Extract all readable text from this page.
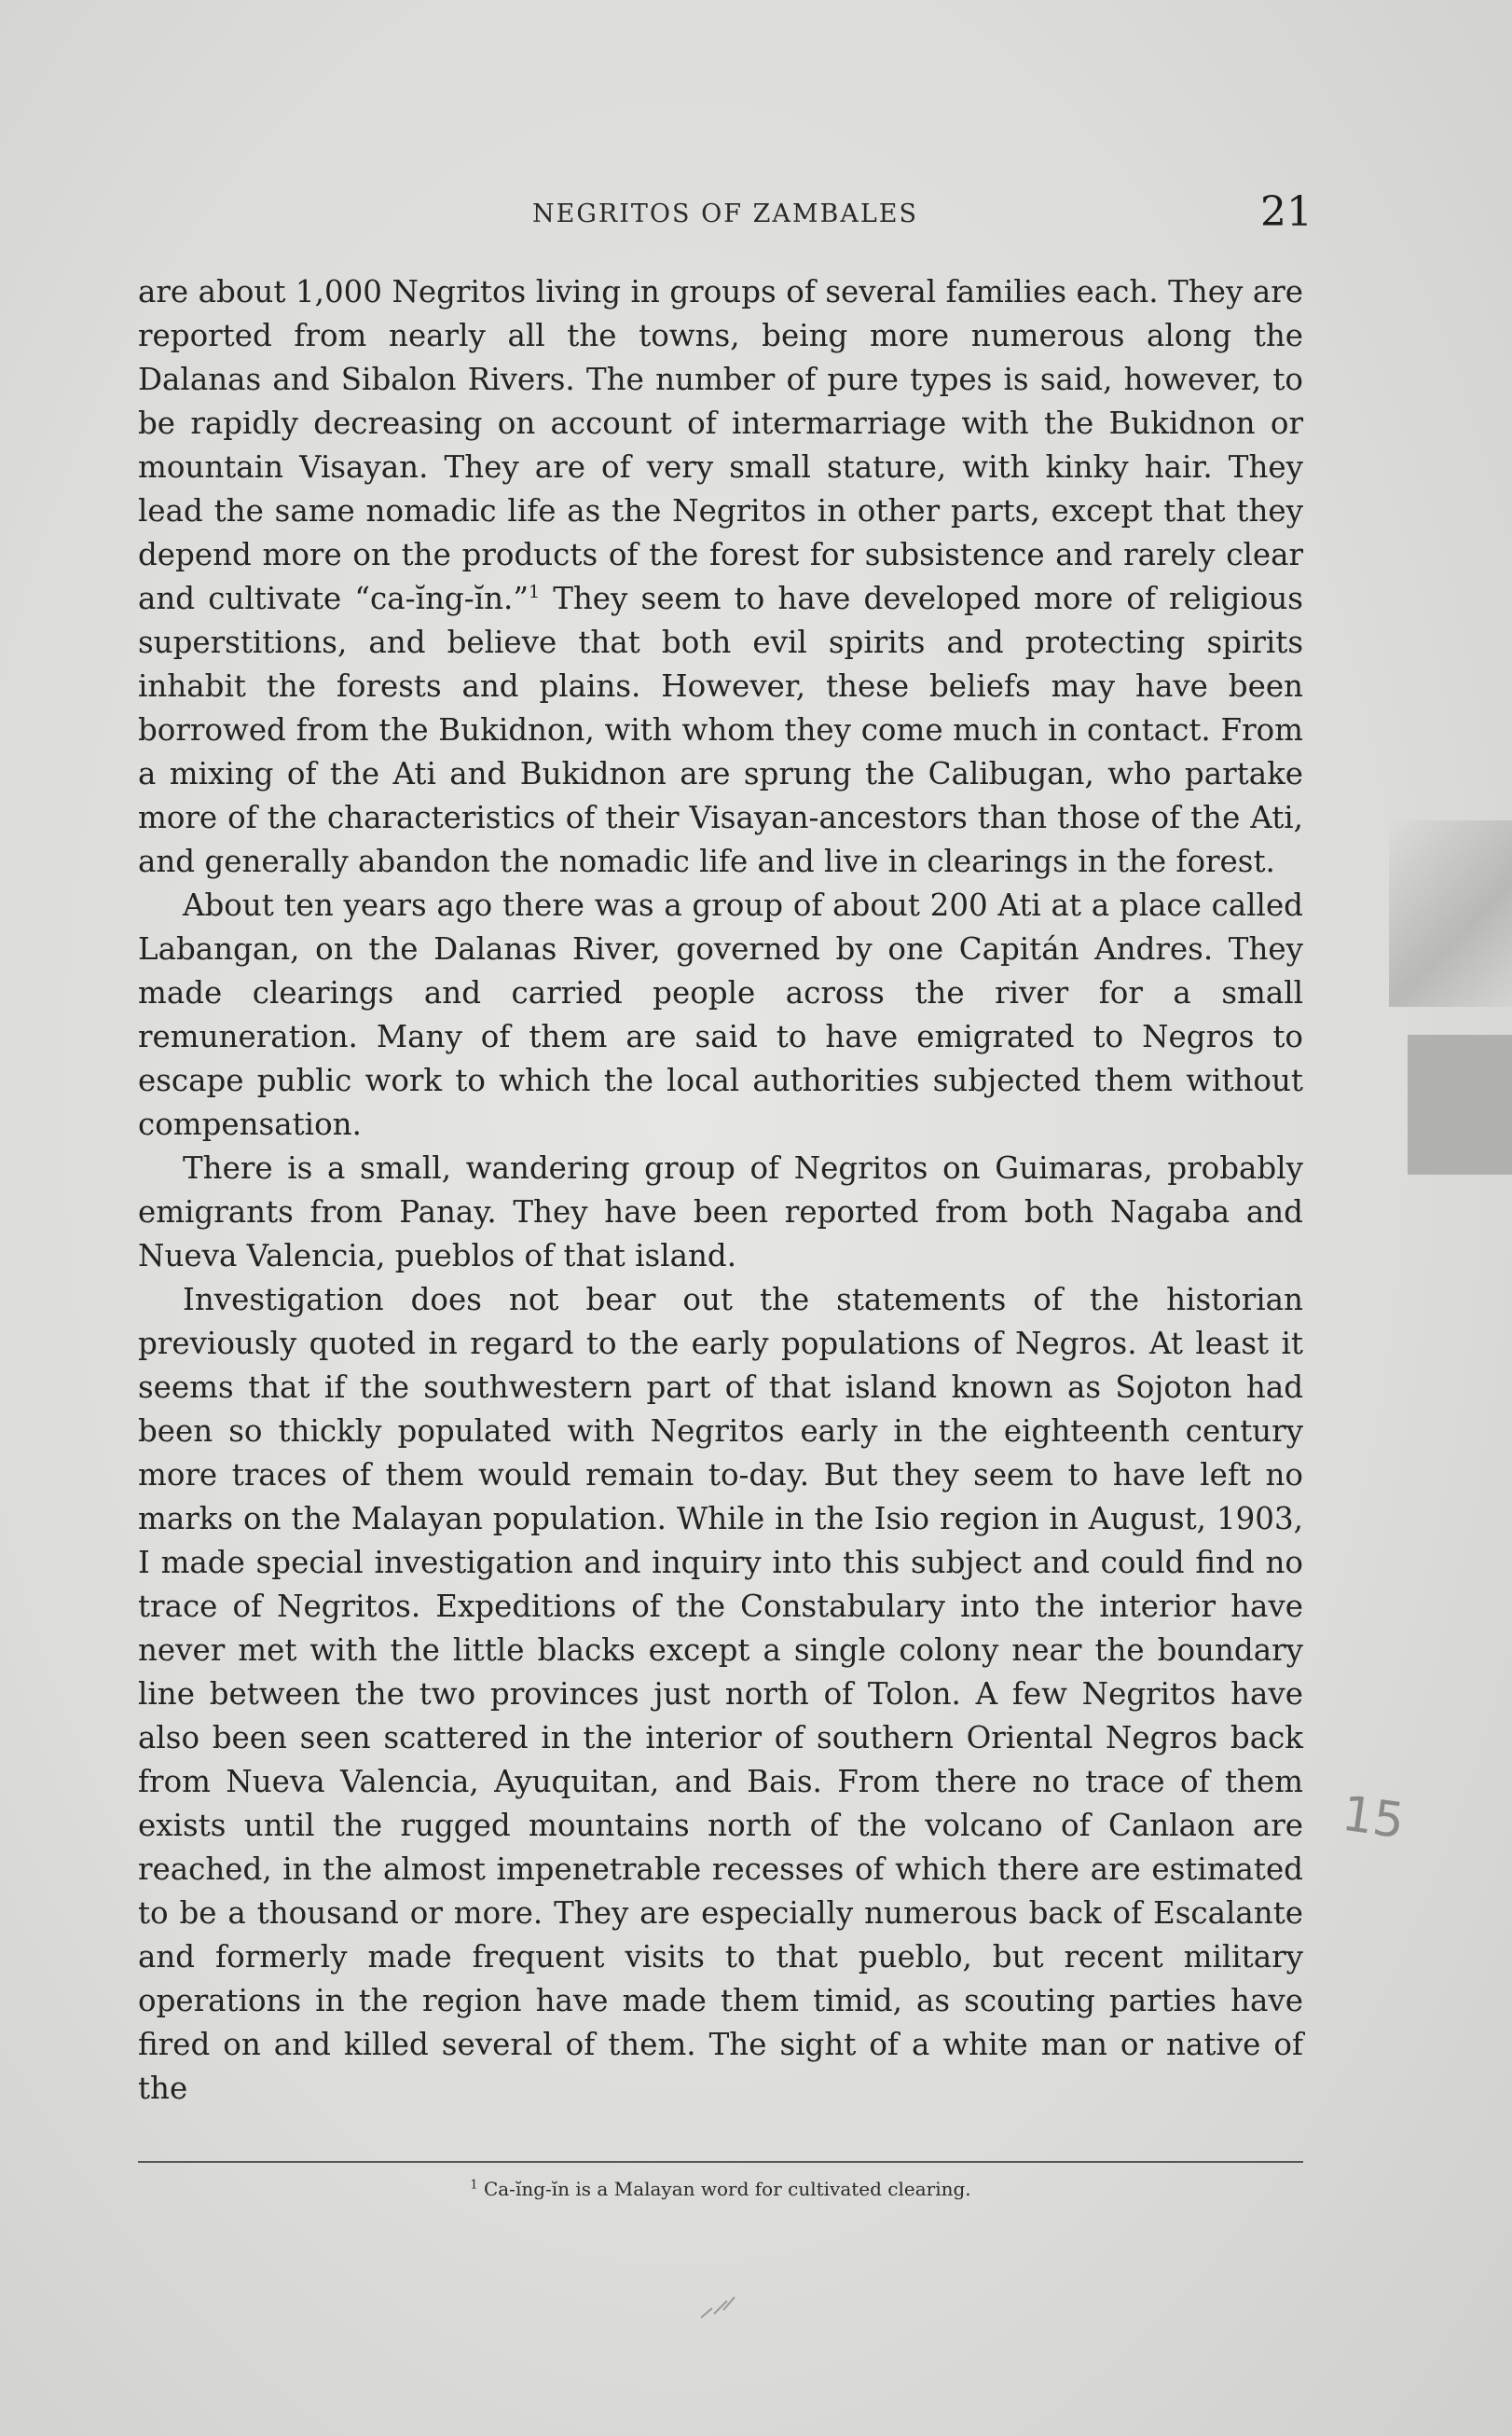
NEGRITOS OF ZAMBALES	21

are about 1,000 Negritos living in groups of several families each. They are reported from nearly all the towns, being more numerous along the Dalanas and Sibalon Rivers. The number of pure types is said, however, to be rapidly decreasing on account of intermarriage with the Bukidnon or mountain Visayan. They are of very small stature, with kinky hair. They lead the same nomadic life as the Negritos in other parts, except that they depend more on the products of the forest for subsistence and rarely clear and cultivate “ca-ĭng-ĭn.”$^1$ They seem to have developed more of religious superstitions, and believe that both evil spirits and protecting spirits inhabit the forests and plains. However, these beliefs may have been borrowed from the Bukidnon, with whom they come much in contact. From a mixing of the Ati and Bukidnon are sprung the Calibugan, who partake more of the characteristics of their Visayan-ancestors than those of the Ati, and generally abandon the nomadic life and live in clearings in the forest.

About ten years ago there was a group of about 200 Ati at a place called Labangan, on the Dalanas River, governed by one Capitán Andres. They made clearings and carried people across the river for a small remuneration. Many of them are said to have emigrated to Negros to escape public work to which the local authorities subjected them without compensation.

There is a small, wandering group of Negritos on Guimaras, probably emigrants from Panay. They have been reported from both Nagaba and Nueva Valencia, pueblos of that island.

Investigation does not bear out the statements of the historian previously quoted in regard to the early populations of Negros. At least it seems that if the southwestern part of that island known as Sojoton had been so thickly populated with Negritos early in the eighteenth century more traces of them would remain to-day. But they seem to have left no marks on the Malayan population. While in the Isio region in August, 1903, I made special investigation and inquiry into this subject and could find no trace of Negritos. Expeditions of the Constabulary into the interior have never met with the little blacks except a single colony near the boundary line between the two provinces just north of Tolon. A few Negritos have also been seen scattered in the interior of southern Oriental Negros back from Nueva Valencia, Ayuquitan, and Bais. From there no trace of them exists until the rugged mountains north of the volcano of Canlaon are reached, in the almost impenetrable recesses of which there are estimated to be a thousand or more. They are especially numerous back of Escalante and formerly made frequent visits to that pueblo, but recent military operations in the region have made them timid, as scouting parties have fired on and killed several of them. The sight of a white man or native of the

$^1$ Ca-ĭng-ĭn is a Malayan word for cultivated clearing.
15
